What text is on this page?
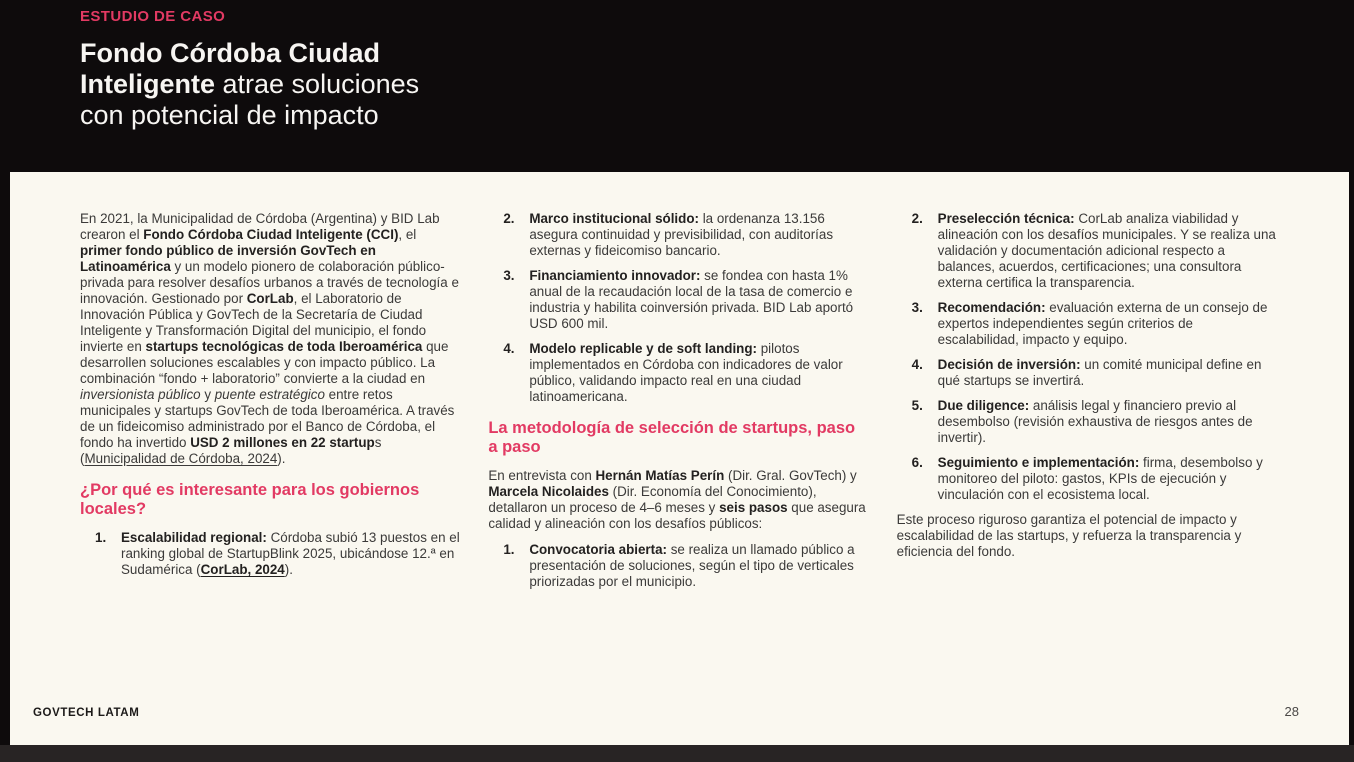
ESTUDIO DE CASO
Fondo Córdoba Ciudad Inteligente atrae soluciones con potencial de impacto
En 2021, la Municipalidad de Córdoba (Argentina) y BID Lab crearon el Fondo Córdoba Ciudad Inteligente (CCI), el primer fondo público de inversión GovTech en Latinoamérica y un modelo pionero de colaboración público-privada para resolver desafíos urbanos a través de tecnología e innovación. Gestionado por CorLab, el Laboratorio de Innovación Pública y GovTech de la Secretaría de Ciudad Inteligente y Transformación Digital del municipio, el fondo invierte en startups tecnológicas de toda Iberoamérica que desarrollen soluciones escalables y con impacto público. La combinación “fondo + laboratorio” convierte a la ciudad en inversionista público y puente estratégico entre retos municipales y startups GovTech de toda Iberoamérica. A través de un fideicomiso administrado por el Banco de Córdoba, el fondo ha invertido USD 2 millones en 22 startups (Municipalidad de Córdoba, 2024).
¿Por qué es interesante para los gobiernos locales?
1.	Escalabilidad regional: Córdoba subió 13 puestos en el ranking global de StartupBlink 2025, ubicándose 12.ª en Sudamérica (CorLab, 2024).
2.	Marco institucional sólido: la ordenanza 13.156 asegura continuidad y previsibilidad, con auditorías externas y fideicomiso bancario.
3.	Financiamiento innovador: se fondea con hasta 1% anual de la recaudación local de la tasa de comercio e industria y habilita coinversión privada. BID Lab aportó USD 600 mil.
4.	Modelo replicable y de soft landing: pilotos implementados en Córdoba con indicadores de valor público, validando impacto real en una ciudad latinoamericana.
La metodología de selección de startups, paso a paso
En entrevista con Hernán Matías Perín (Dir. Gral. GovTech) y Marcela Nicolaides (Dir. Economía del Conocimiento), detallaron un proceso de 4–6 meses y seis pasos que asegura calidad y alineación con los desafíos públicos:
1.	Convocatoria abierta: se realiza un llamado público a presentación de soluciones, según el tipo de verticales priorizadas por el municipio.
2.	Preselección técnica: CorLab analiza viabilidad y alineación con los desafíos municipales. Y se realiza una validación y documentación adicional respecto a balances, acuerdos, certificaciones; una consultora externa certifica la transparencia.
3.	Recomendación: evaluación externa de un consejo de expertos independientes según criterios de escalabilidad, impacto y equipo.
4.	Decisión de inversión: un comité municipal define en qué startups se invertirá.
5.	Due diligence: análisis legal y financiero previo al desembolso (revisión exhaustiva de riesgos antes de invertir).
6.	Seguimiento e implementación: firma, desembolso y monitoreo del piloto: gastos, KPIs de ejecución y vinculación con el ecosistema local.
Este proceso riguroso garantiza el potencial de impacto y escalabilidad de las startups, y refuerza la transparencia y eficiencia del fondo.
GOVTECH LATAM	28
